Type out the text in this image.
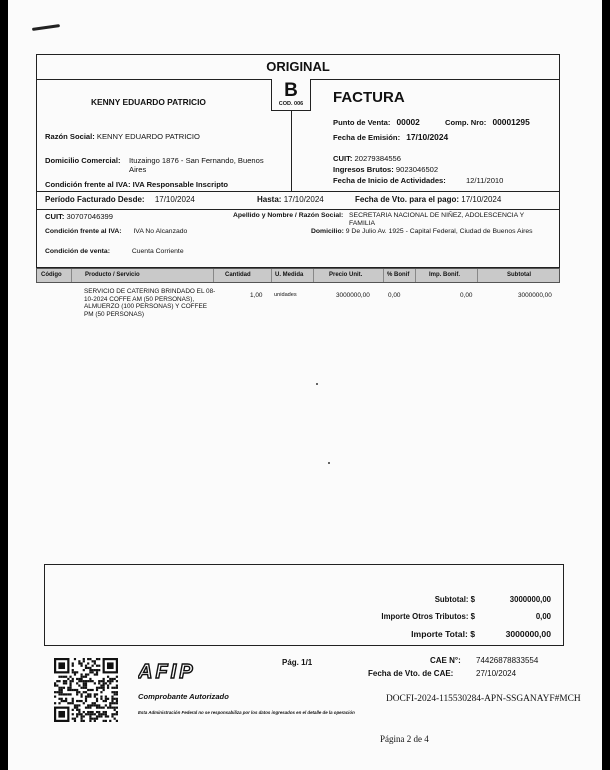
ORIGINAL
KENNY EDUARDO PATRICIO
Razón Social: KENNY EDUARDO PATRICIO
Domicilio Comercial: Ituzaingo 1876 - San Fernando, Buenos Aires
Condición frente al IVA: IVA Responsable Inscripto
FACTURA
Punto de Venta: 00002	Comp. Nro: 00001295
Fecha de Emisión: 17/10/2024
CUIT: 20279384556
Ingresos Brutos: 9023046502
Fecha de Inicio de Actividades:	12/11/2010
B
COD. 006
Período Facturado Desde: 17/10/2024	Hasta: 17/10/2024	Fecha de Vto. para el pago: 17/10/2024
CUIT: 30707046399	Apellido y Nombre / Razón Social: SECRETARIA NACIONAL DE NIÑEZ, ADOLESCENCIA Y
FAMILIA
Condición frente al IVA: IVA No Alcanzado	Domicilio: 9 De Julio Av. 1925 - Capital Federal, Ciudad de Buenos Aires
Condición de venta:	Cuenta Corriente
Código	Producto / Servicio	Cantidad	U. Medida	Precio Unit.	% Bonif	Imp. Bonif.	Subtotal
SERVICIO DE CATERING BRINDADO EL 08-10-2024 COFFE AM (50 PERSONAS), ALMUERZO (100 PERSONAS) Y COFFEE PM (50 PERSONAS)
1,00 unidades	3000000,00	0,00	0,00	3000000,00
Subtotal: $	3000000,00
Importe Otros Tributos: $	0,00
Importe Total: $	3000000,00
AFIP
Comprobante Autorizado
Esta Administración Federal no se responsabiliza por los datos ingresados en el detalle de la operación
Pág. 1/1	CAE N°: 74426878833554
Fecha de Vto. de CAE:	27/10/2024
DOCFI-2024-115530284-APN-SSGANAYF#MCH
Página 2 de 4
